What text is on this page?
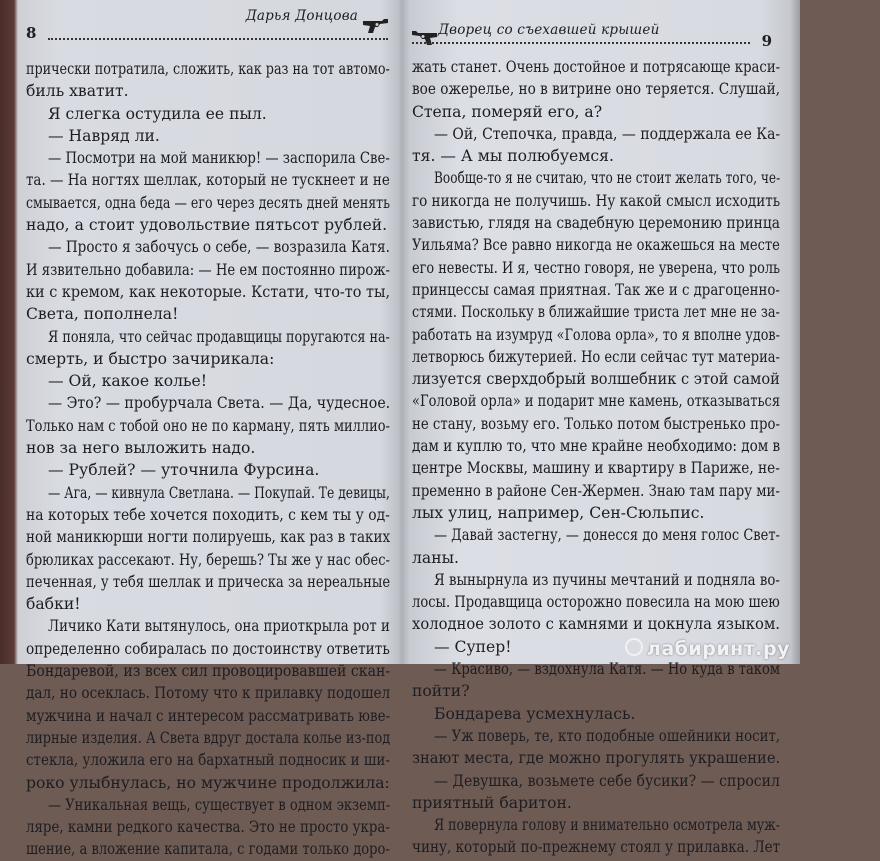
8
Дарья Донцова
прически потратила, сложить, как раз на тот автомо-
биль хватит.
Я слегка остудила ее пыл.
— Навряд ли.
— Посмотри на мой маникюр! — заспорила Све-
та. — На ногтях шеллак, который не тускнеет и не
смывается, одна беда — его через десять дней менять
надо, а стоит удовольствие пятьсот рублей.
— Просто я забочусь о себе, — возразила Катя.
И язвительно добавила: — Не ем постоянно пирож-
ки с кремом, как некоторые. Кстати, что-то ты,
Света, пополнела!
Я поняла, что сейчас продавщицы поругаются на-
смерть, и быстро зачирикала:
— Ой, какое колье!
— Это? — пробурчала Света. — Да, чудесное.
Только нам с тобой оно не по карману, пять миллио-
нов за него выложить надо.
— Рублей? — уточнила Фурсина.
— Ага, — кивнула Светлана. — Покупай. Те девицы,
на которых тебе хочется походить, с кем ты у од-
ной маникюрши ногти полируешь, как раз в таких
брюликах рассекают. Ну, берешь? Ты же у нас обес-
печенная, у тебя шеллак и прическа за нереальные
бабки!
Личико Кати вытянулось, она приоткрыла рот и
определенно собиралась по достоинству ответить
Бондаревой, из всех сил провоцировавшей скан-
дал, но осеклась. Потому что к прилавку подошел
мужчина и начал с интересом рассматривать юве-
лирные изделия. А Света вдруг достала колье из-под
стекла, уложила его на бархатный подносик и ши-
роко улыбнулась, но мужчине продолжила:
— Уникальная вещь, существует в одном экземп-
ляре, камни редкого качества. Это не просто укра-
шение, а вложение капитала, с годами только доро-
Дворец со съехавшей крышей
9
жать станет. Очень достойное и потрясающе краси-
вое ожерелье, но в витрине оно теряется. Слушай,
Степа, померяй его, а?
— Ой, Степочка, правда, — поддержала ее Ка-
тя. — А мы полюбуемся.
Вообще-то я не считаю, что не стоит желать того, че-
го никогда не получишь. Ну какой смысл исходить
завистью, глядя на свадебную церемонию принца
Уильяма? Все равно никогда не окажешься на месте
его невесты. И я, честно говоря, не уверена, что роль
принцессы самая приятная. Так же и с драгоценно-
стями. Поскольку в ближайшие триста лет мне не за-
работать на изумруд «Голова орла», то я вполне удов-
летворюсь бижутерией. Но если сейчас тут материа-
лизуется сверхдобрый волшебник с этой самой
«Головой орла» и подарит мне камень, отказываться
не стану, возьму его. Только потом быстренько про-
дам и куплю то, что мне крайне необходимо: дом в
центре Москвы, машину и квартиру в Париже, не-
пременно в районе Сен-Жермен. Знаю там пару ми-
лых улиц, например, Сен-Сюльпис.
— Давай застегну, — донесся до меня голос Свет-
ланы.
Я вынырнула из пучины мечтаний и подняла во-
лосы. Продавщица осторожно повесила на мою шею
холодное золото с камнями и цокнула языком.
— Супер!
— Красиво, — вздохнула Катя. — Но куда в таком
пойти?
Бондарева усмехнулась.
— Уж поверь, те, кто подобные ошейники носит,
знают места, где можно прогулять украшение.
— Девушка, возьмете себе бусики? — спросил
приятный баритон.
Я повернула голову и внимательно осмотрела муж-
чину, который по-прежнему стоял у прилавка. Лет
лабиринт.ру
